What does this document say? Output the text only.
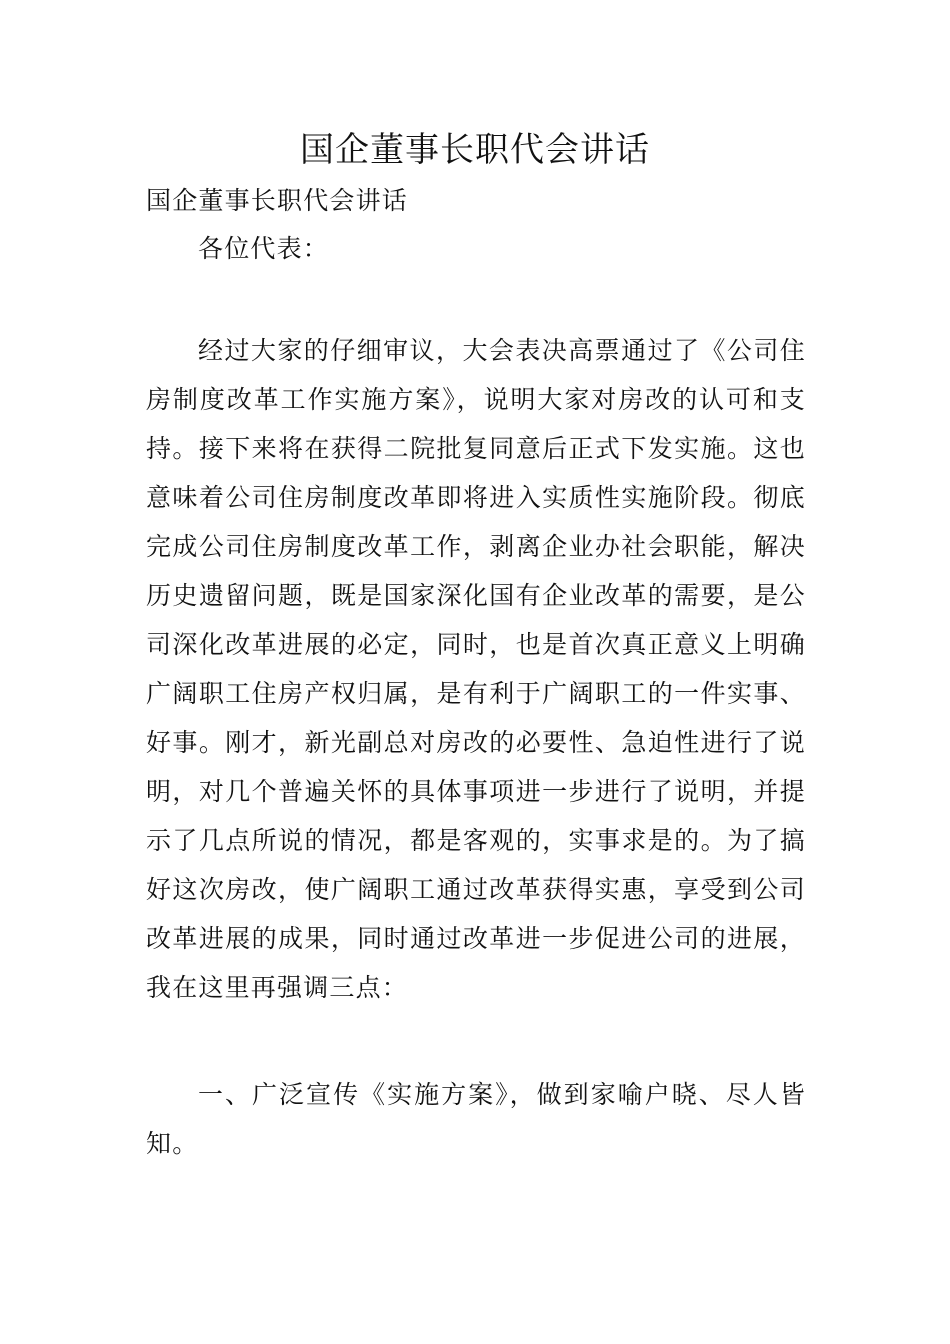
国企董事长职代会讲话

国企董事长职代会讲话

各位代表：

经过大家的仔细审议，大会表决高票通过了《公司住房制度改革工作实施方案》，说明大家对房改的认可和支持。接下来将在获得二院批复同意后正式下发实施。这也意味着公司住房制度改革即将进入实质性实施阶段。彻底完成公司住房制度改革工作，剥离企业办社会职能，解决历史遗留问题，既是国家深化国有企业改革的需要，是公司深化改革进展的必定，同时，也是首次真正意义上明确广阔职工住房产权归属，是有利于广阔职工的一件实事、好事。刚才，新光副总对房改的必要性、急迫性进行了说明，对几个普遍关怀的具体事项进一步进行了说明，并提示了几点所说的情况，都是客观的，实事求是的。为了搞好这次房改，使广阔职工通过改革获得实惠，享受到公司改革进展的成果，同时通过改革进一步促进公司的进展，我在这里再强调三点：

一、广泛宣传《实施方案》，做到家喻户晓、尽人皆知。
